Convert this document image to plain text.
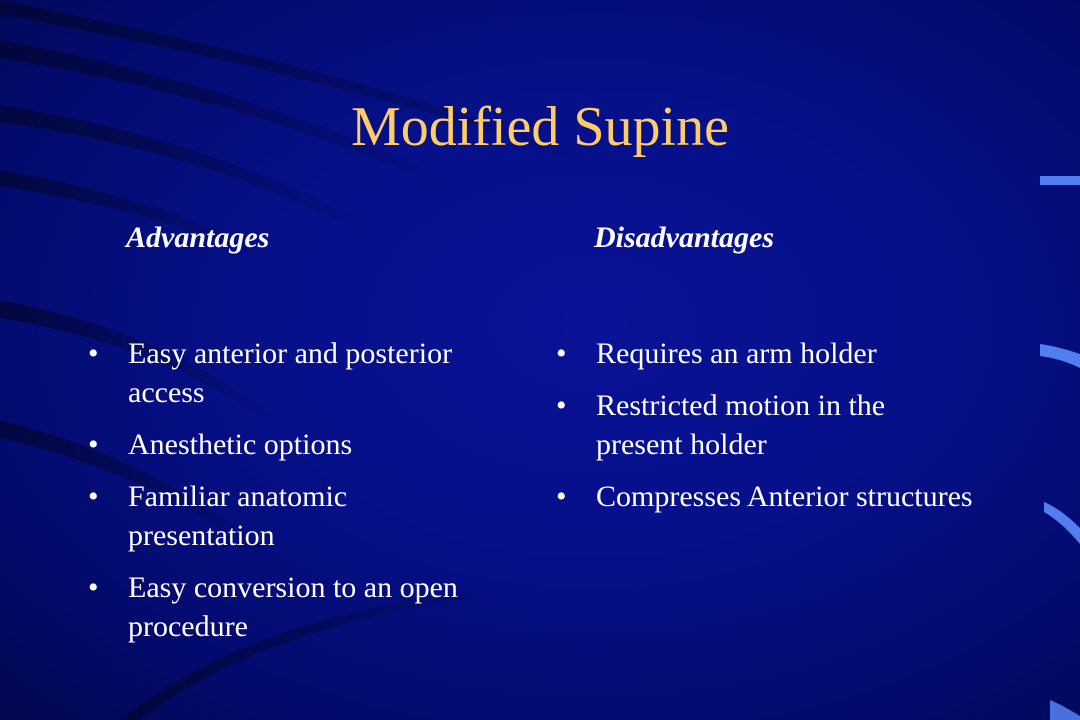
Modified Supine
Advantages	Disadvantages
• Easy anterior and posterior access
• Anesthetic options
• Familiar anatomic presentation
• Easy conversion to an open procedure
• Requires an arm holder
• Restricted motion in the present holder
• Compresses Anterior structures
